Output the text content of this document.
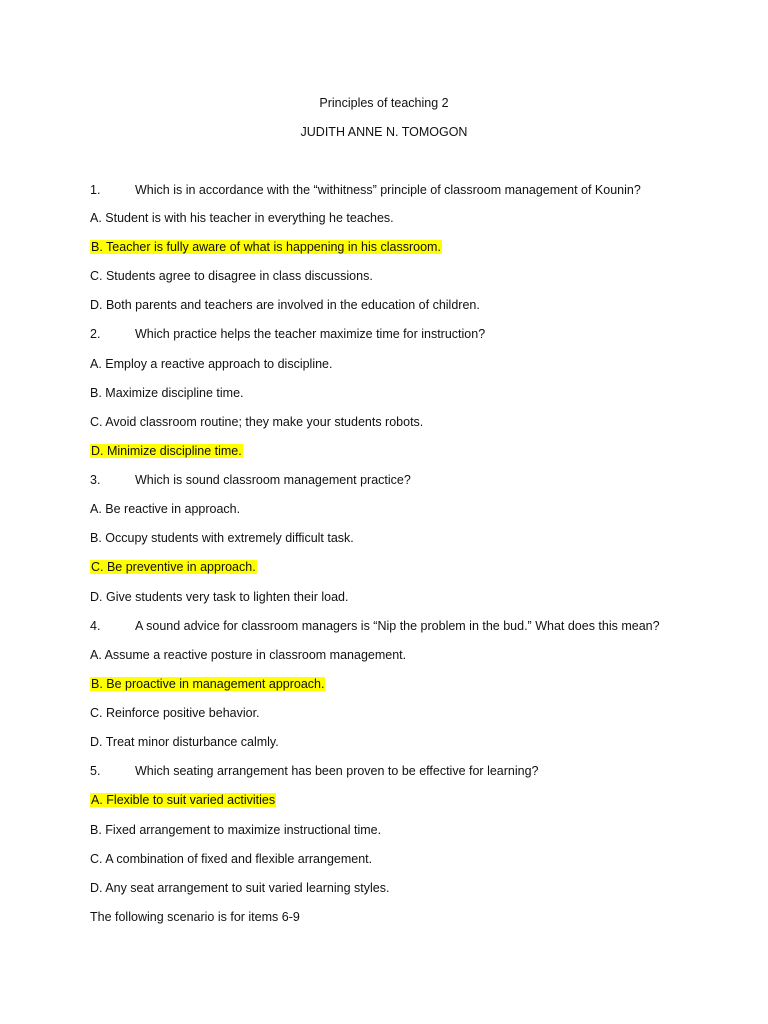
Principles of teaching 2
JUDITH ANNE N. TOMOGON
1.	Which is in accordance with the “withitness” principle of classroom management of Kounin?
A. Student is with his teacher in everything he teaches.
B. Teacher is fully aware of what is happening in his classroom.
C. Students agree to disagree in class discussions.
D. Both parents and teachers are involved in the education of children.
2.	Which practice helps the teacher maximize time for instruction?
A. Employ a reactive approach to discipline.
B. Maximize discipline time.
C. Avoid classroom routine; they make your students robots.
D. Minimize discipline time.
3.	Which is sound classroom management practice?
A. Be reactive in approach.
B. Occupy students with extremely difficult task.
C. Be preventive in approach.
D. Give students very task to lighten their load.
4.	A sound advice for classroom managers is “Nip the problem in the bud.” What does this mean?
A. Assume a reactive posture in classroom management.
B. Be proactive in management approach.
C. Reinforce positive behavior.
D. Treat minor disturbance calmly.
5.	Which seating arrangement has been proven to be effective for learning?
A. Flexible to suit varied activities
B. Fixed arrangement to maximize instructional time.
C. A combination of fixed and flexible arrangement.
D. Any seat arrangement to suit varied learning styles.
The following scenario is for items 6-9
